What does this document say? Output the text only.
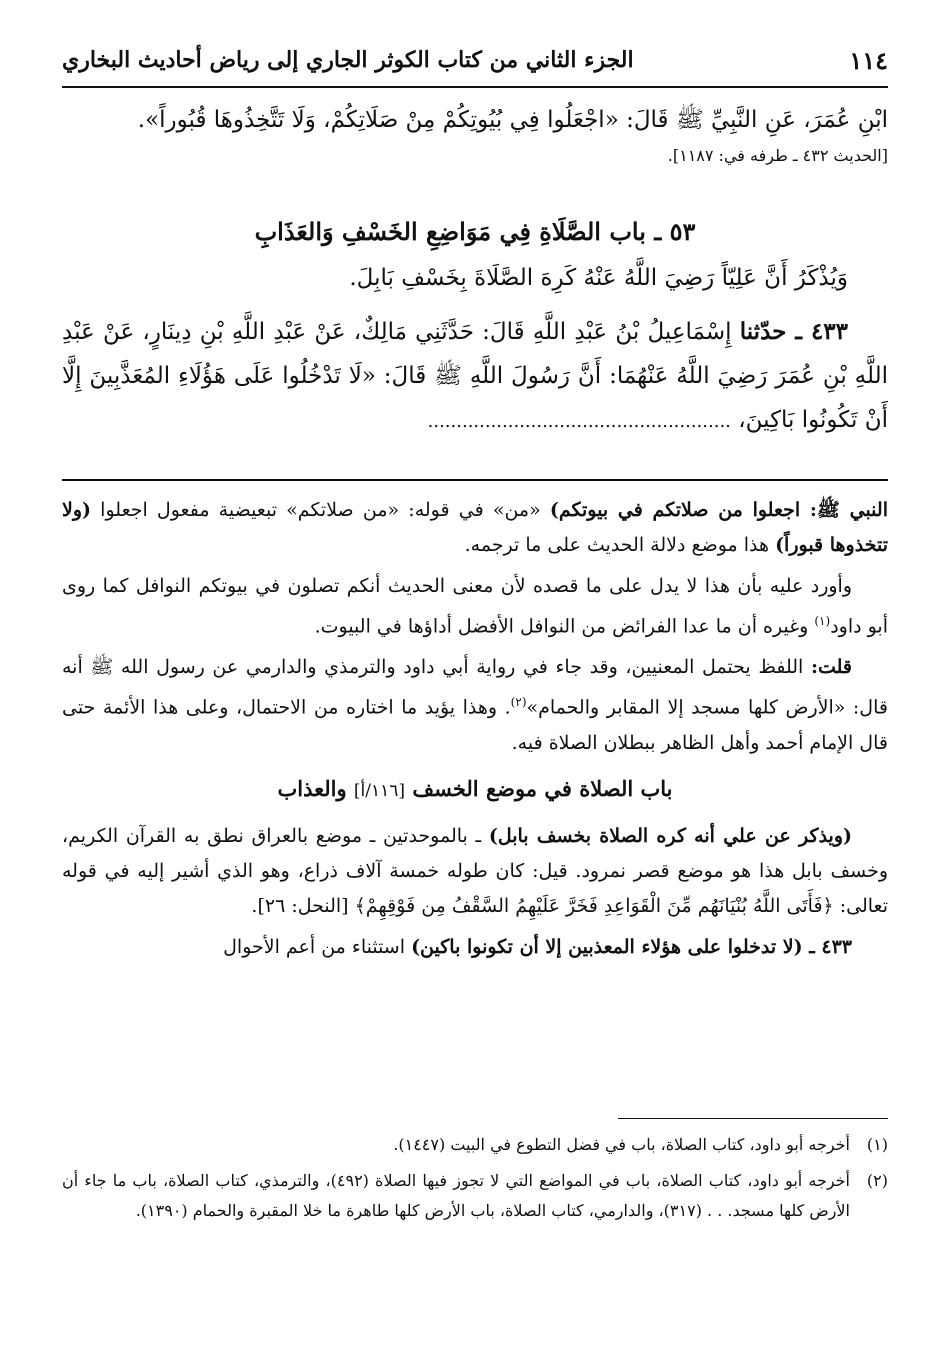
١١٤
الجزء الثاني من كتاب الكوثر الجاري إلى رياض أحاديث البخاري
ابْنِ عُمَرَ، عَنِ النَّبِيِّ ﷺ قَالَ: «اجْعَلُوا فِي بُيُوتِكُمْ مِنْ صَلَاتِكُمْ، وَلَا تَتَّخِذُوهَا قُبُوراً».
[الحديث ٤٣٢ ـ طرفه في: ١١٨٧].
٥٣ ـ باب الصَّلَاةِ فِي مَوَاضِعِ الخَسْفِ وَالعَذَابِ
وَيُذْكَرُ أَنَّ عَلِيّاً رَضِيَ اللَّهُ عَنْهُ كَرِهَ الصَّلَاةَ بِخَسْفِ بَابِلَ.
٤٣٣ ـ حدّثنا إِسْمَاعِيلُ بْنُ عَبْدِ اللَّهِ قَالَ: حَدَّثَنِي مَالِكٌ، عَنْ عَبْدِ اللَّهِ بْنِ دِينَارٍ، عَنْ عَبْدِ اللَّهِ بْنِ عُمَرَ رَضِيَ اللَّهُ عَنْهُمَا: أَنَّ رَسُولَ اللَّهِ ﷺ قَالَ: «لَا تَدْخُلُوا عَلَى هَؤُلَاءِ المُعَذَّبِينَ إِلَّا أَنْ تَكُونُوا بَاكِينَ، .....................................................

النبي ﷺ: اجعلوا من صلاتكم في بيوتكم) «من» في قوله: «من صلاتكم» تبعيضية مفعول اجعلوا (ولا تتخذوها قبوراً) هذا موضع دلالة الحديث على ما ترجمه.

وأورد عليه بأن هذا لا يدل على ما قصده لأن معنى الحديث أنكم تصلون في بيوتكم النوافل كما روى أبو داود$^{(١)}$ وغيره أن ما عدا الفرائض من النوافل الأفضل أداؤها في البيوت.

قلت: اللفظ يحتمل المعنيين، وقد جاء في رواية أبي داود والترمذي والدارمي عن رسول الله ﷺ أنه قال: «الأرض كلها مسجد إلا المقابر والحمام»$^{(٢)}$. وهذا يؤيد ما اختاره من الاحتمال، وعلى هذا الأئمة حتى قال الإمام أحمد وأهل الظاهر ببطلان الصلاة فيه.

باب الصلاة في موضع الخسف [١١٦/أ] والعذاب

(ويذكر عن علي أنه كره الصلاة بخسف بابل) ـ بالموحدتين ـ موضع بالعراق نطق به القرآن الكريم، وخسف بابل هذا هو موضع قصر نمرود. قيل: كان طوله خمسة آلاف ذراع، وهو الذي أشير إليه في قوله تعالى: ﴿فَأَتَى اللَّهُ بُنْيَانَهُم مِّنَ الْقَوَاعِدِ فَخَرَّ عَلَيْهِمُ السَّقْفُ مِن فَوْقِهِمْ﴾ [النحل: ٢٦].

٤٣٣ ـ (لا تدخلوا على هؤلاء المعذبين إلا أن تكونوا باكين) استثناء من أعم الأحوال

(١)
أخرجه أبو داود، كتاب الصلاة، باب في فضل التطوع في البيت (١٤٤٧).
(٢)
أخرجه أبو داود، كتاب الصلاة، باب في المواضع التي لا تجوز فيها الصلاة (٤٩٢)، والترمذي، كتاب الصلاة، باب ما جاء أن الأرض كلها مسجد. . . (٣١٧)، والدارمي، كتاب الصلاة، باب الأرض كلها طاهرة ما خلا المقبرة والحمام (١٣٩٠).
